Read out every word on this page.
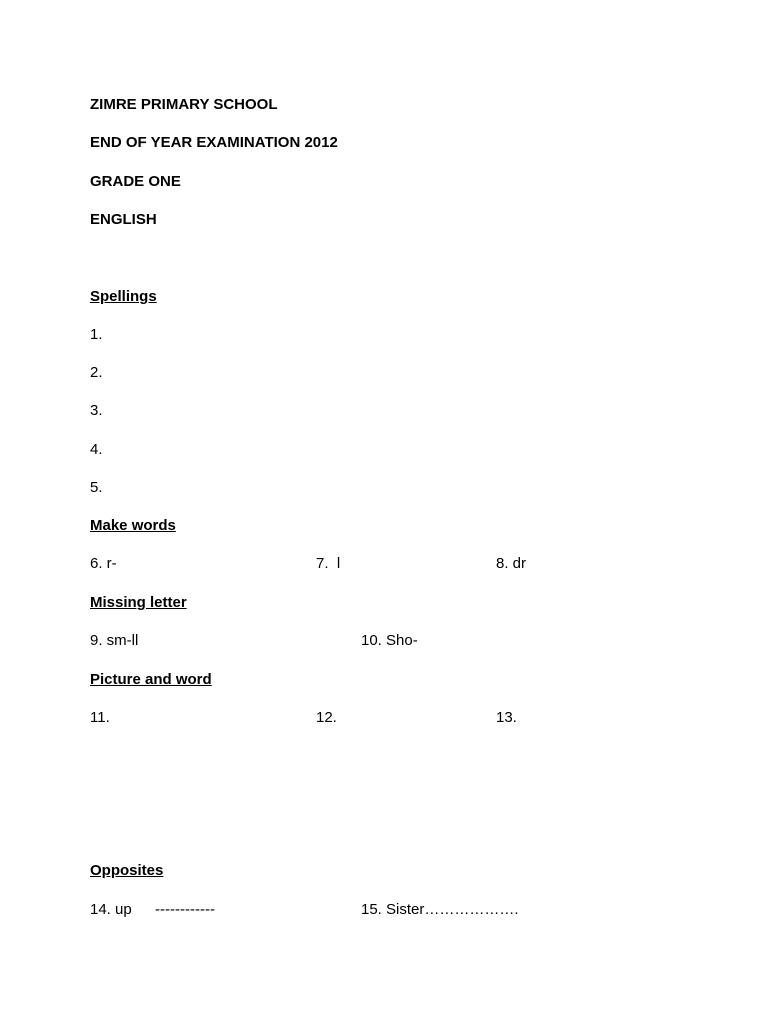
ZIMRE PRIMARY SCHOOL
END OF YEAR EXAMINATION 2012
GRADE ONE
ENGLISH
Spellings
1.
2.
3.
4.
5.
Make words
6. r-	7.  l	8. dr
Missing letter
9. sm-ll	10. Sho-
Picture and word
11.	12.	13.
Opposites
14. up ------------	15. Sister……………….
